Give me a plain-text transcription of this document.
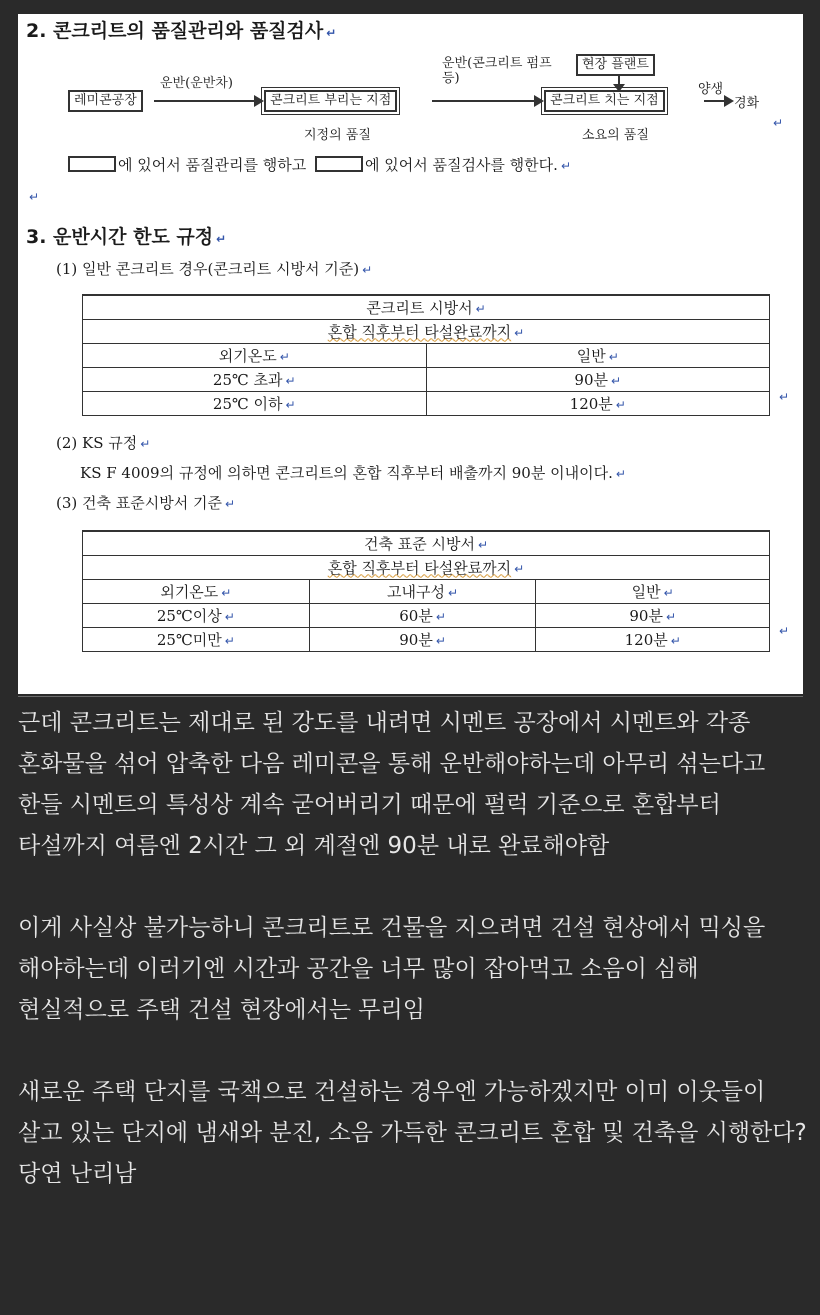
2. 콘크리트의 품질관리와 품질검사 ↵
레미콘공장
운반(운반차)
콘크리트 부리는 지점
지정의 품질
운반(콘크리트 펌프 등)
현장 플랜트
콘크리트 치는 지점
소요의 품질
양생
경화
↵
에 있어서 품질관리를 행하고	에 있어서 품질검사를 행한다. ↵
↵
3. 운반시간 한도 규정 ↵
(1) 일반 콘크리트 경우(콘크리트 시방서 기준) ↵
콘크리트 시방서 ↵	
혼합 직후부터 타설완료까지 ↵	
외기온도 ↵	일반 ↵
25℃ 초과 ↵	90분 ↵
25℃ 이하 ↵	120분 ↵
↵
(2) KS 규정 ↵
KS F 4009의 규정에 의하면 콘크리트의 혼합 직후부터 배출까지 90분 이내이다. ↵
(3) 건축 표준시방서 기준 ↵
건축 표준 시방서 ↵		
혼합 직후부터 타설완료까지 ↵		
외기온도 ↵	고내구성 ↵	일반 ↵
25℃이상 ↵	60분 ↵	90분 ↵
25℃미만 ↵	90분 ↵	120분 ↵
↵

근데 콘크리트는 제대로 된 강도를 내려면 시멘트 공장에서 시멘트와 각종 혼화물을 섞어 압축한 다음 레미콘을 통해 운반해야하는데 아무리 섞는다고 한들 시멘트의 특성상 계속 굳어버리기 때문에 펄럭 기준으로 혼합부터 타설까지 여름엔 2시간 그 외 계절엔 90분 내로 완료해야함

이게 사실상 불가능하니 콘크리트로 건물을 지으려면 건설 현상에서 믹싱을 해야하는데 이러기엔 시간과 공간을 너무 많이 잡아먹고 소음이 심해 현실적으로 주택 건설 현장에서는 무리임

새로운 주택 단지를 국책으로 건설하는 경우엔 가능하겠지만 이미 이웃들이 살고 있는 단지에 냄새와 분진, 소음 가득한 콘크리트 혼합 및 건축을 시행한다? 당연 난리남
